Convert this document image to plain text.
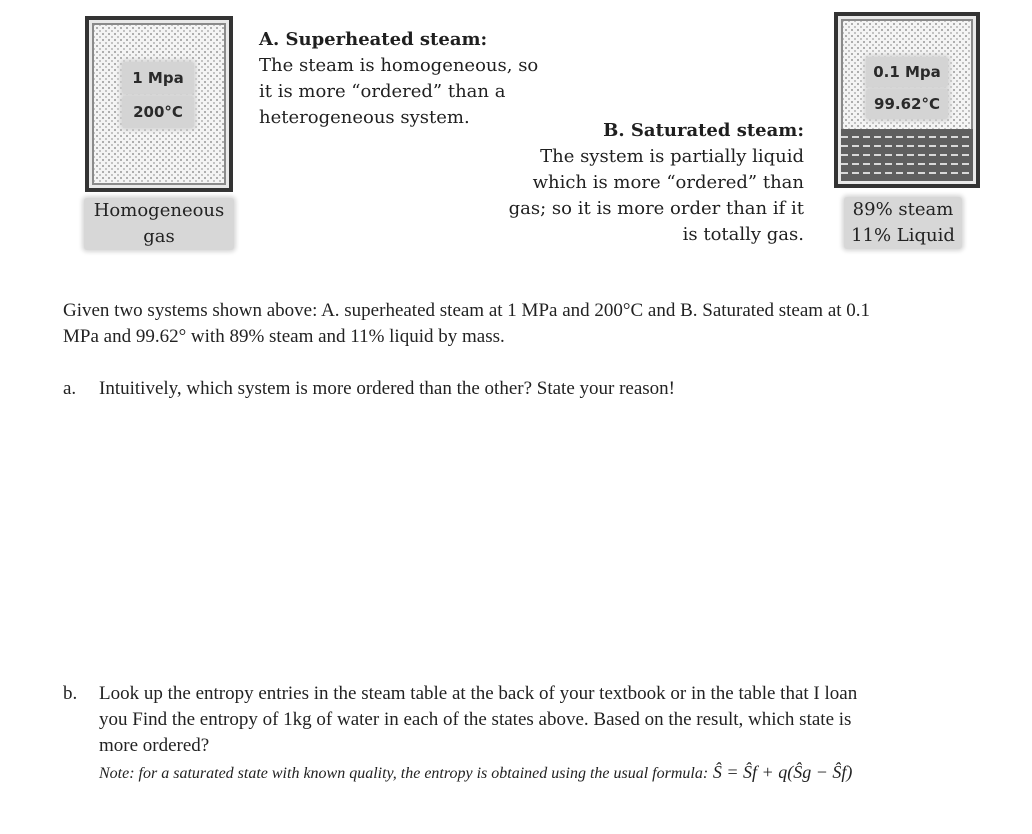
1 Mpa
200°C
Homogeneous
gas
A. Superheated steam:
The steam is homogeneous, so
it is more “ordered” than a
heterogeneous system.
B. Saturated steam:
The system is partially liquid
which is more “ordered” than
gas; so it is more order than if it
is totally gas.
0.1 Mpa
99.62°C
89% steam
11% Liquid
Given two systems shown above: A. superheated steam at 1 MPa and 200°C and B. Saturated steam at 0.1
MPa and 99.62° with 89% steam and 11% liquid by mass.
a. Intuitively, which system is more ordered than the other? State your reason!
b. Look up the entropy entries in the steam table at the back of your textbook or in the table that I loan
you Find the entropy of 1kg of water in each of the states above. Based on the result, which state is
more ordered?
Note: for a saturated state with known quality, the entropy is obtained using the usual formula: Ŝ = Ŝf + q(Ŝg − Ŝf)
